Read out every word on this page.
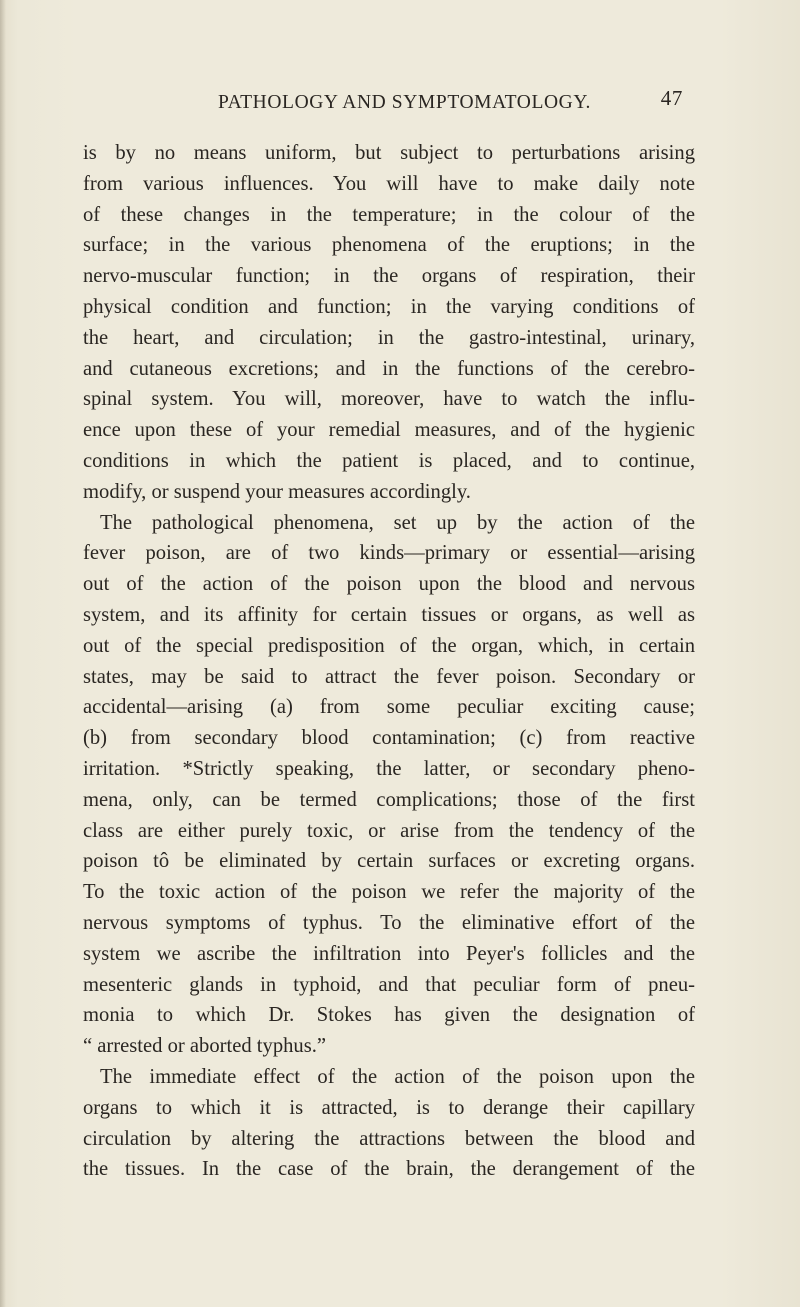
PATHOLOGY AND SYMPTOMATOLOGY.	47
is by no means uniform, but subject to perturbations arising
from various influences. You will have to make daily note
of these changes in the temperature; in the colour of the
surface; in the various phenomena of the eruptions; in the
nervo-muscular function; in the organs of respiration, their
physical condition and function; in the varying conditions of
the heart, and circulation; in the gastro-intestinal, urinary,
and cutaneous excretions; and in the functions of the cerebro-
spinal system. You will, moreover, have to watch the influ-
ence upon these of your remedial measures, and of the hygienic
conditions in which the patient is placed, and to continue,
modify, or suspend your measures accordingly.
The pathological phenomena, set up by the action of the
fever poison, are of two kinds—primary or essential—arising
out of the action of the poison upon the blood and nervous
system, and its affinity for certain tissues or organs, as well as
out of the special predisposition of the organ, which, in certain
states, may be said to attract the fever poison. Secondary or
accidental—arising (a) from some peculiar exciting cause;
(b) from secondary blood contamination; (c) from reactive
irritation. *Strictly speaking, the latter, or secondary pheno-
mena, only, can be termed complications; those of the first
class are either purely toxic, or arise from the tendency of the
poison tô be eliminated by certain surfaces or excreting organs.
To the toxic action of the poison we refer the majority of the
nervous symptoms of typhus. To the eliminative effort of the
system we ascribe the infiltration into Peyer's follicles and the
mesenteric glands in typhoid, and that peculiar form of pneu-
monia to which Dr. Stokes has given the designation of
“ arrested or aborted typhus.”
The immediate effect of the action of the poison upon the
organs to which it is attracted, is to derange their capillary
circulation by altering the attractions between the blood and
the tissues. In the case of the brain, the derangement of the
